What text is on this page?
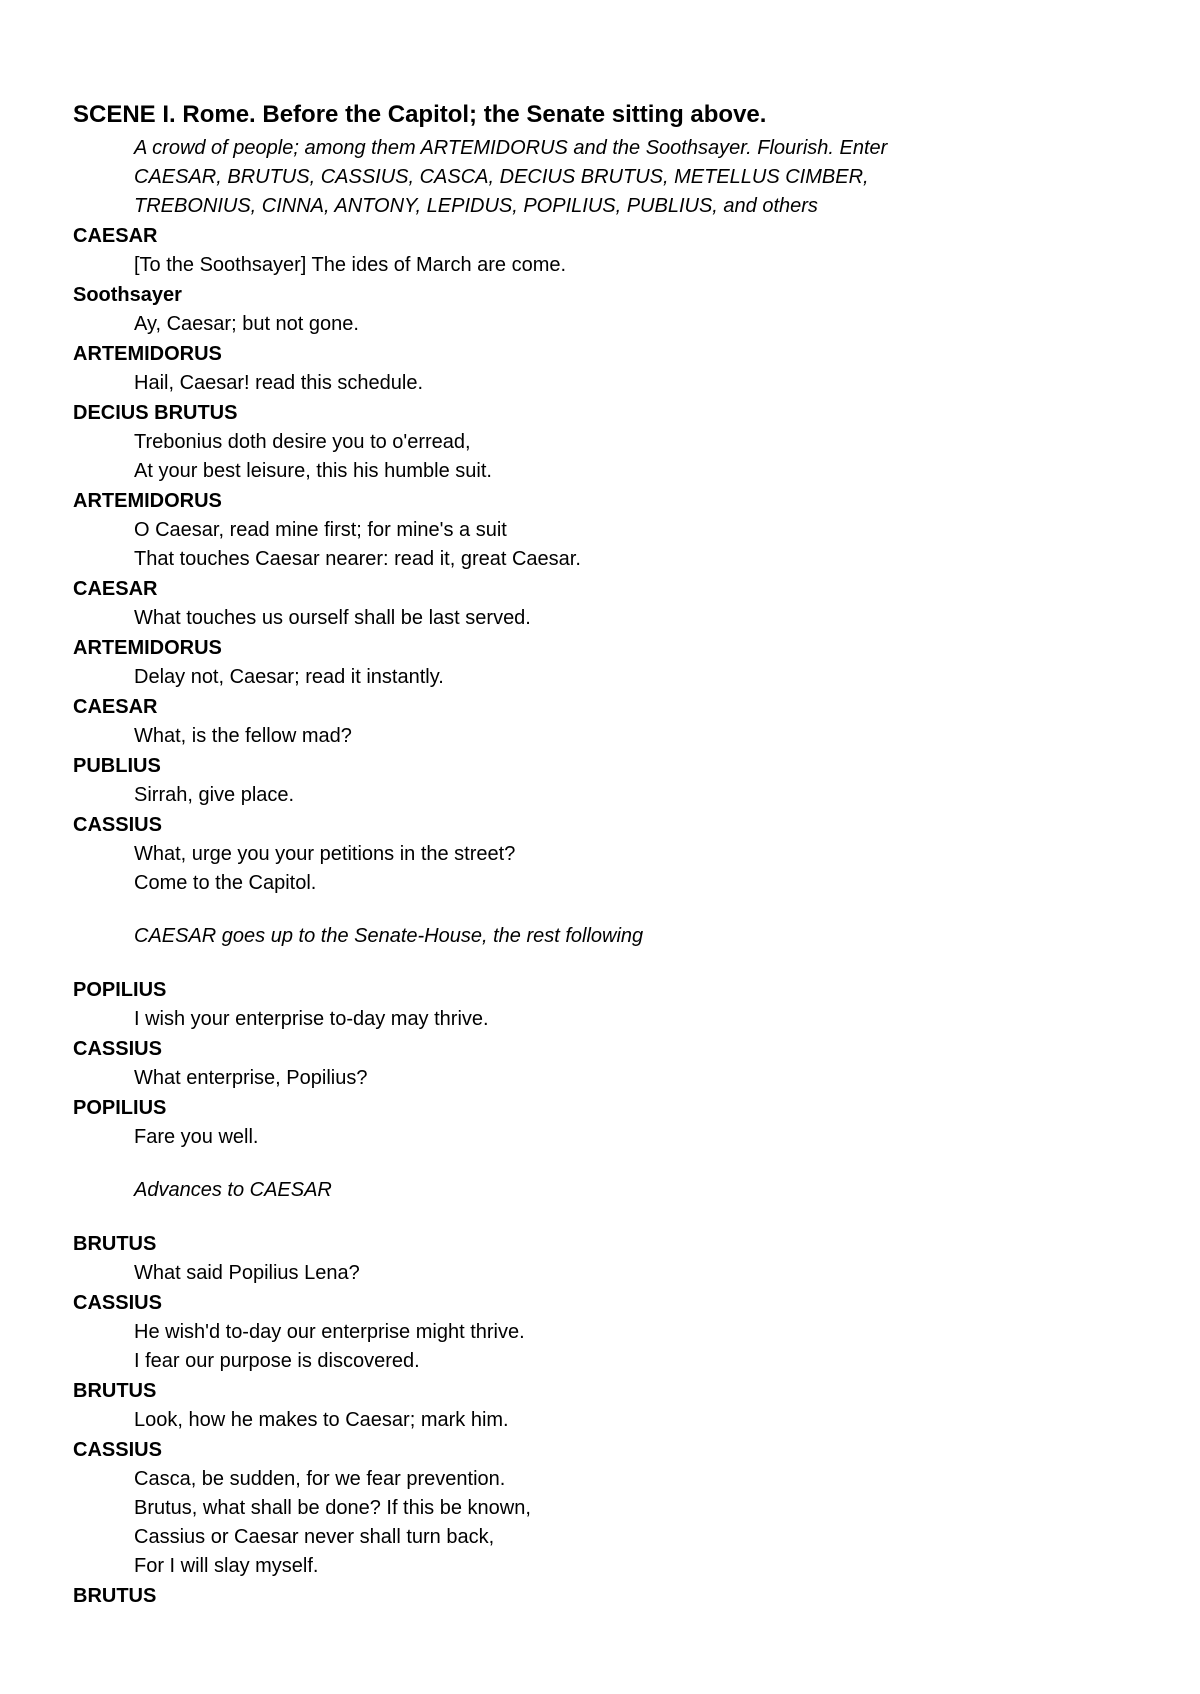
SCENE I. Rome. Before the Capitol; the Senate sitting above.
A crowd of people; among them ARTEMIDORUS and the Soothsayer. Flourish. Enter
CAESAR, BRUTUS, CASSIUS, CASCA, DECIUS BRUTUS, METELLUS CIMBER,
TREBONIUS, CINNA, ANTONY, LEPIDUS, POPILIUS, PUBLIUS, and others
CAESAR
[To the Soothsayer] The ides of March are come.
Soothsayer
Ay, Caesar; but not gone.
ARTEMIDORUS
Hail, Caesar! read this schedule.
DECIUS BRUTUS
Trebonius doth desire you to o'erread,
At your best leisure, this his humble suit.
ARTEMIDORUS
O Caesar, read mine first; for mine's a suit
That touches Caesar nearer: read it, great Caesar.
CAESAR
What touches us ourself shall be last served.
ARTEMIDORUS
Delay not, Caesar; read it instantly.
CAESAR
What, is the fellow mad?
PUBLIUS
Sirrah, give place.
CASSIUS
What, urge you your petitions in the street?
Come to the Capitol.
CAESAR goes up to the Senate-House, the rest following
POPILIUS
I wish your enterprise to-day may thrive.
CASSIUS
What enterprise, Popilius?
POPILIUS
Fare you well.
Advances to CAESAR
BRUTUS
What said Popilius Lena?
CASSIUS
He wish'd to-day our enterprise might thrive.
I fear our purpose is discovered.
BRUTUS
Look, how he makes to Caesar; mark him.
CASSIUS
Casca, be sudden, for we fear prevention.
Brutus, what shall be done? If this be known,
Cassius or Caesar never shall turn back,
For I will slay myself.
BRUTUS
